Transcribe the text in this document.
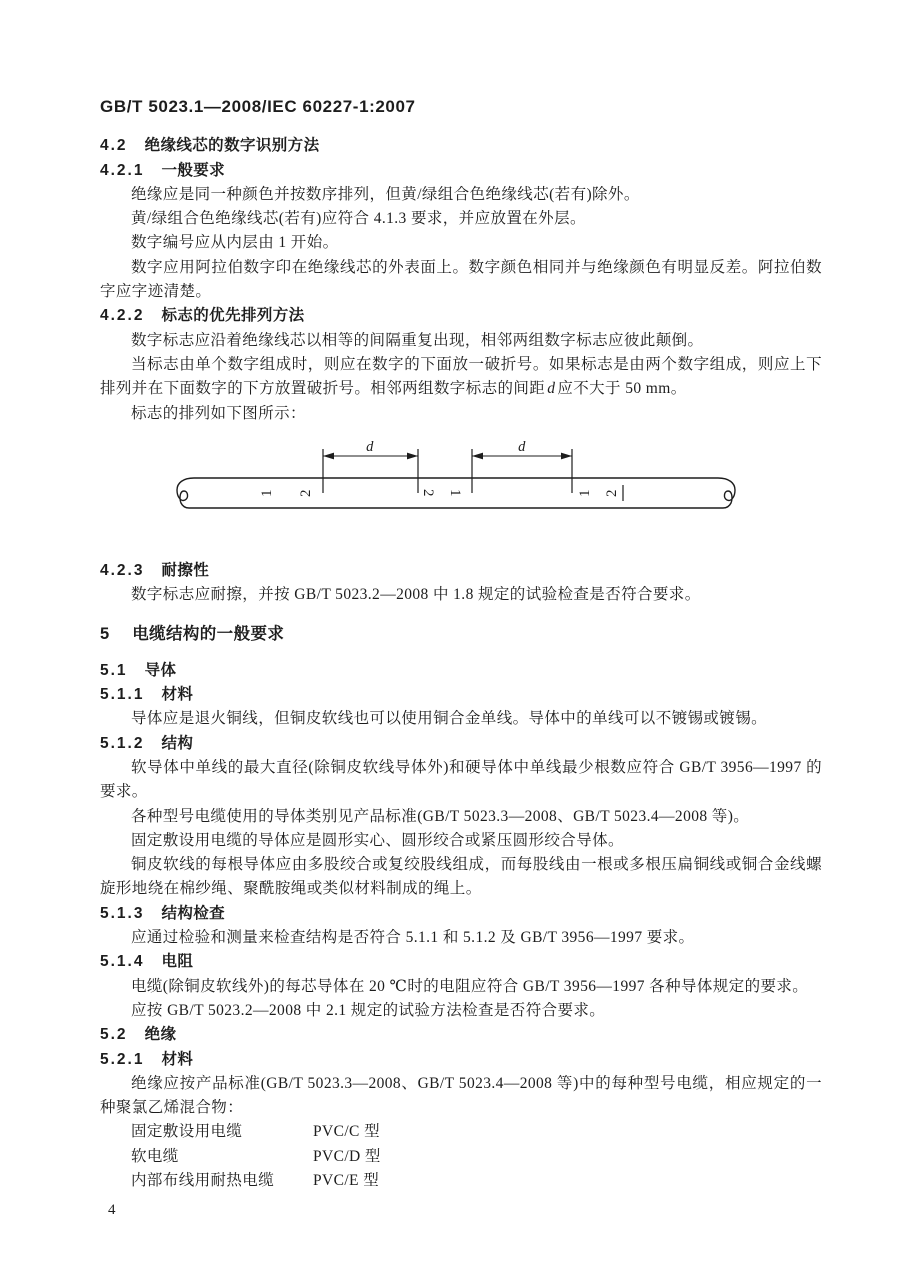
GB/T 5023.1—2008/IEC 60227-1:2007
4.2 绝缘线芯的数字识别方法
4.2.1 一般要求

绝缘应是同一种颜色并按数序排列，但黄/绿组合色绝缘线芯(若有)除外。

黄/绿组合色绝缘线芯(若有)应符合 4.1.3 要求，并应放置在外层。

数字编号应从内层由 1 开始。

数字应用阿拉伯数字印在绝缘线芯的外表面上。数字颜色相同并与绝缘颜色有明显反差。阿拉伯数字应字迹清楚。

4.2.2 标志的优先排列方法

数字标志应沿着绝缘线芯以相等的间隔重复出现，相邻两组数字标志应彼此颠倒。

当标志由单个数字组成时，则应在数字的下面放一破折号。如果标志是由两个数字组成，则应上下排列并在下面数字的下方放置破折号。相邻两组数字标志的间距 d 应不大于 50 mm。

标志的排列如下图所示：

d	d
1 2	2 1	1 2
4.2.3 耐擦性

数字标志应耐擦，并按 GB/T 5023.2—2008 中 1.8 规定的试验检查是否符合要求。

5 电缆结构的一般要求
5.1 导体
5.1.1 材料

导体应是退火铜线，但铜皮软线也可以使用铜合金单线。导体中的单线可以不镀锡或镀锡。

5.1.2 结构

软导体中单线的最大直径(除铜皮软线导体外)和硬导体中单线最少根数应符合 GB/T 3956—1997 的要求。

各种型号电缆使用的导体类别见产品标准(GB/T 5023.3—2008、GB/T 5023.4—2008 等)。

固定敷设用电缆的导体应是圆形实心、圆形绞合或紧压圆形绞合导体。

铜皮软线的每根导体应由多股绞合或复绞股线组成，而每股线由一根或多根压扁铜线或铜合金线螺旋形地绕在棉纱绳、聚酰胺绳或类似材料制成的绳上。

5.1.3 结构检查

应通过检验和测量来检查结构是否符合 5.1.1 和 5.1.2 及 GB/T 3956—1997 要求。

5.1.4 电阻

电缆(除铜皮软线外)的每芯导体在 20 ℃时的电阻应符合 GB/T 3956—1997 各种导体规定的要求。

应按 GB/T 5023.2—2008 中 2.1 规定的试验方法检查是否符合要求。

5.2 绝缘
5.2.1 材料

绝缘应按产品标准(GB/T 5023.3—2008、GB/T 5023.4—2008 等)中的每种型号电缆，相应规定的一种聚氯乙烯混合物：

固定敷设用电缆	PVC/C 型
软电缆	PVC/D 型
内部布线用耐热电缆	PVC/E 型
4
